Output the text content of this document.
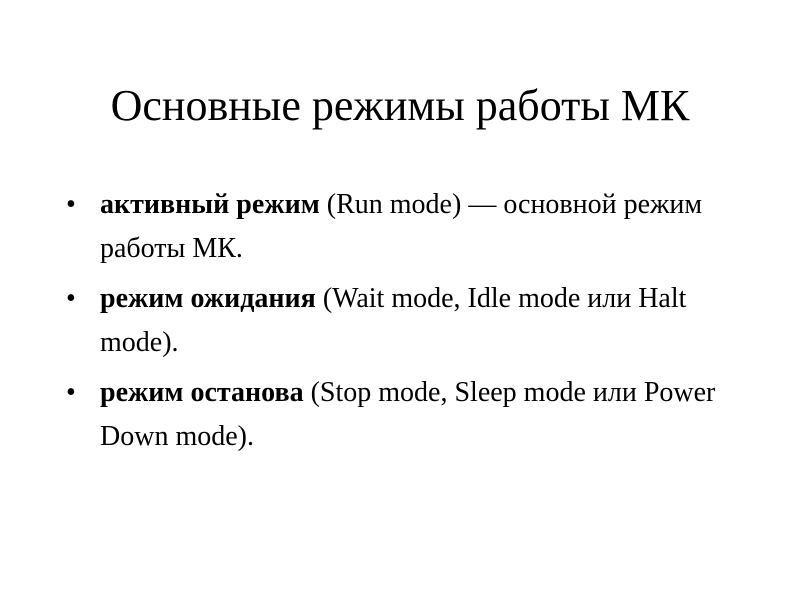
Основные режимы работы МК
• активный режим (Run mode) — основной режим работы МК.
• режим ожидания (Wait mode, Idle mode или Halt mode).
• режим останова (Stop mode, Sleep mode или Power Down mode).
